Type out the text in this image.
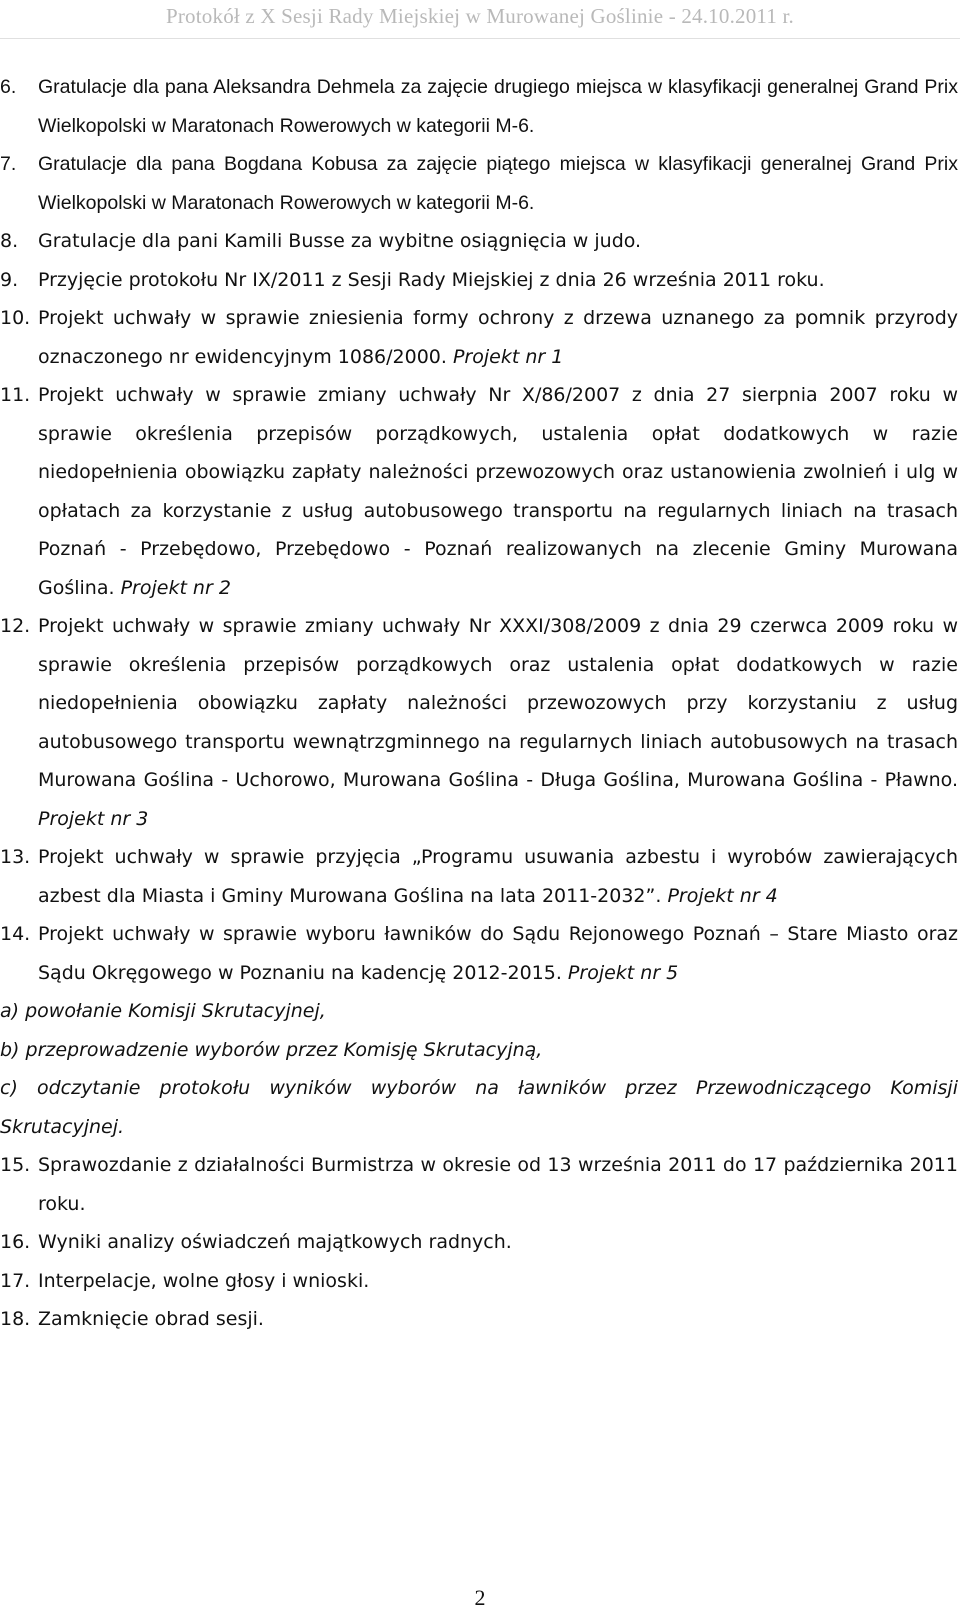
Protokół z X Sesji Rady Miejskiej w Murowanej Goślinie - 24.10.2011 r.
6. Gratulacje dla pana Aleksandra Dehmela za zajęcie drugiego miejsca w klasyfikacji generalnej Grand Prix Wielkopolski w Maratonach Rowerowych w kategorii M-6.
7. Gratulacje dla pana Bogdana Kobusa za zajęcie piątego miejsca w klasyfikacji generalnej Grand Prix Wielkopolski w Maratonach Rowerowych w kategorii M-6.
8. Gratulacje dla pani Kamili Busse za wybitne osiągnięcia w judo.
9. Przyjęcie protokołu Nr IX/2011 z Sesji Rady Miejskiej z dnia 26 września 2011 roku.
10. Projekt uchwały w sprawie zniesienia formy ochrony z drzewa uznanego za pomnik przyrody oznaczonego nr ewidencyjnym 1086/2000. Projekt nr 1
11. Projekt uchwały w sprawie zmiany uchwały Nr X/86/2007 z dnia 27 sierpnia 2007 roku w sprawie określenia przepisów porządkowych, ustalenia opłat dodatkowych w razie niedopełnienia obowiązku zapłaty należności przewozowych oraz ustanowienia zwolnień i ulg w opłatach za korzystanie z usług autobusowego transportu na regularnych liniach na trasach Poznań - Przebędowo, Przebędowo - Poznań realizowanych na zlecenie Gminy Murowana Goślina. Projekt nr 2
12. Projekt uchwały w sprawie zmiany uchwały Nr XXXI/308/2009 z dnia 29 czerwca 2009 roku w sprawie określenia przepisów porządkowych oraz ustalenia opłat dodatkowych w razie niedopełnienia obowiązku zapłaty należności przewozowych przy korzystaniu z usług autobusowego transportu wewnątrzgminnego na regularnych liniach autobusowych na trasach Murowana Goślina - Uchorowo, Murowana Goślina - Długa Goślina, Murowana Goślina - Pławno. Projekt nr 3
13. Projekt uchwały w sprawie przyjęcia „Programu usuwania azbestu i wyrobów zawierających azbest dla Miasta i Gminy Murowana Goślina na lata 2011-2032”. Projekt nr 4
14. Projekt uchwały w sprawie wyboru ławników do Sądu Rejonowego Poznań – Stare Miasto oraz Sądu Okręgowego w Poznaniu na kadencję 2012-2015. Projekt nr 5
a) powołanie Komisji Skrutacyjnej,
b) przeprowadzenie wyborów przez Komisję Skrutacyjną,
c) odczytanie protokołu wyników wyborów na ławników przez Przewodniczącego Komisji Skrutacyjnej.
15. Sprawozdanie z działalności Burmistrza w okresie od 13 września 2011 do 17 października 2011 roku.
16. Wyniki analizy oświadczeń majątkowych radnych.
17. Interpelacje, wolne głosy i wnioski.
18. Zamknięcie obrad sesji.
2
